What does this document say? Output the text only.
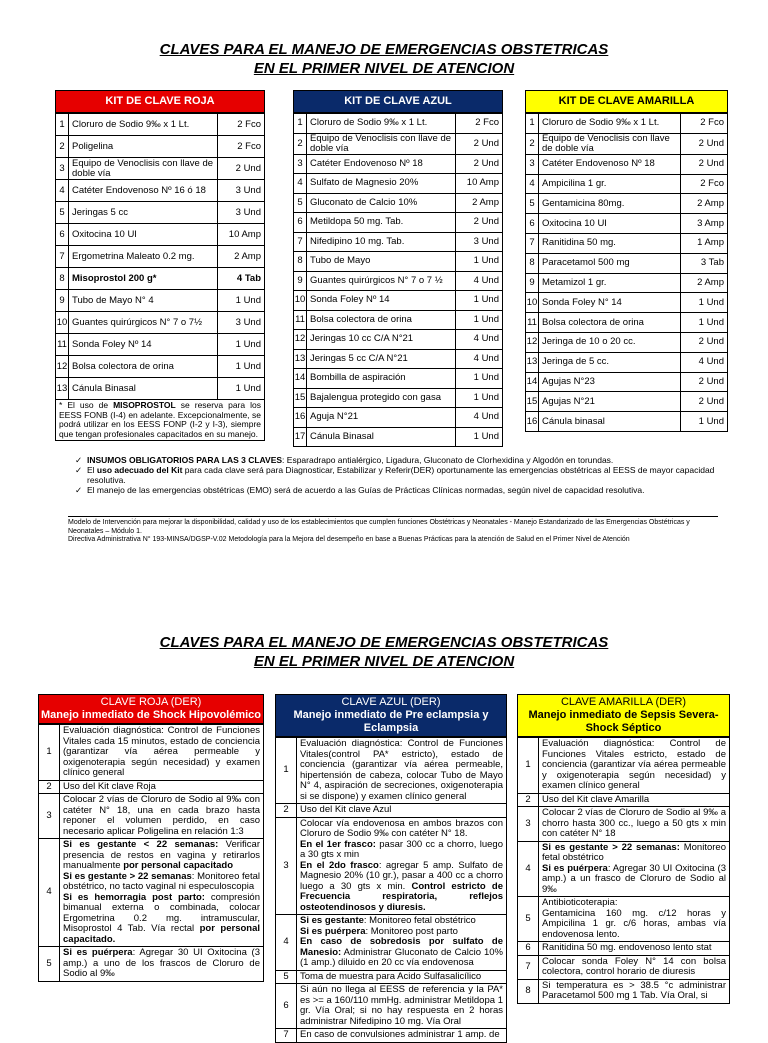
CLAVES PARA EL MANEJO DE EMERGENCIAS OBSTETRICAS
EN EL PRIMER NIVEL DE ATENCION
KIT DE CLAVE ROJA
1	Cloruro de Sodio 9‰ x 1 Lt.	2 Fco
2	Poligelina	2 Fco
3	Equipo de Venoclisis con llave de doble vía	2 Und
4	Catéter Endovenoso Nº 16 ó 18	3 Und
5	Jeringas 5 cc	3 Und
6	Oxitocina 10 UI	10 Amp
7	Ergometrina Maleato 0.2 mg.	2 Amp
8	Misoprostol 200 g*	4 Tab
9	Tubo de Mayo N° 4	1 Und
10	Guantes quirúrgicos N° 7 o 7½	3 Und
11	Sonda Foley Nº 14	1 Und
12	Bolsa colectora de orina	1 Und
13	Cánula Binasal	1 Und
* El uso de MISOPROSTOL se reserva para los EESS FONB (I-4) en adelante. Excepcionalmente, se podrá utilizar en los EESS FONP (I-2 y I-3), siempre que tengan profesionales capacitados en su manejo.
KIT DE CLAVE AZUL
1	Cloruro de Sodio 9‰ x 1 Lt.	2 Fco
2	Equipo de Venoclisis con llave de doble vía	2 Und
3	Catéter Endovenoso Nº 18	2 Und
4	Sulfato de Magnesio 20%	10 Amp
5	Gluconato de Calcio 10%	2 Amp
6	Metildopa 50 mg. Tab.	2 Und
7	Nifedipino 10 mg. Tab.	3 Und
8	Tubo de Mayo	1 Und
9	Guantes quirúrgicos N° 7 o 7 ½	4 Und
10	Sonda Foley Nº 14	1 Und
11	Bolsa colectora de orina	1 Und
12	Jeringas 10 cc C/A N°21	4 Und
13	Jeringas 5 cc C/A N°21	4 Und
14	Bombilla de aspiración	1 Und
15	Bajalengua protegido con gasa	1 Und
16	Aguja N°21	4 Und
17	Cánula Binasal	1 Und
KIT DE CLAVE AMARILLA
1	Cloruro de Sodio 9‰ x 1 Lt.	2 Fco
2	Equipo de Venoclisis con llave de doble vía	2 Und
3	Catéter Endovenoso Nº 18	2 Und
4	Ampicilina 1 gr.	2 Fco
5	Gentamicina 80mg.	2 Amp
6	Oxitocina 10 UI	3 Amp
7	Ranitidina 50 mg.	1 Amp
8	Paracetamol 500 mg	3 Tab
9	Metamizol 1 gr.	2 Amp
10	Sonda Foley N° 14	1 Und
11	Bolsa colectora de orina	1 Und
12	Jeringa de 10 o 20 cc.	2 Und
13	Jeringa de 5 cc.	4 Und
14	Agujas N°23	2 Und
15	Agujas N°21	2 Und
16	Cánula binasal	1 Und
✓ INSUMOS OBLIGATORIOS PARA LAS 3 CLAVES: Esparadrapo antialérgico, Ligadura, Gluconato de Clorhexidina y Algodón en torundas.
✓ El uso adecuado del Kit para cada clave será para Diagnosticar, Estabilizar y Referir(DER) oportunamente las emergencias obstétricas al EESS de mayor capacidad resolutiva.
✓ El manejo de las emergencias obstétricas (EMO) será de acuerdo a las Guías de Prácticas Clínicas normadas, según nivel de capacidad resolutiva.
Modelo de Intervención para mejorar la disponibilidad, calidad y uso de los establecimientos que cumplen funciones Obstétricas y Neonatales - Manejo Estandarizado de las Emergencias Obstétricas y Neonatales – Módulo 1.
Directiva Administrativa N° 193-MINSA/DGSP-V.02 Metodología para la Mejora del desempeño en base a Buenas Prácticas para la atención de Salud en el Primer Nivel de Atención
CLAVES PARA EL MANEJO DE EMERGENCIAS OBSTETRICAS
EN EL PRIMER NIVEL DE ATENCION
CLAVE ROJA (DER)
Manejo inmediato de Shock Hipovolémico
1	Evaluación diagnóstica: Control de Funciones Vitales cada 15 minutos, estado de conciencia (garantizar vía aérea permeable y oxigenoterapia según necesidad) y examen clínico general
2	Uso del Kit clave Roja
3	Colocar 2 vías de Cloruro de Sodio al 9‰ con catéter N° 18, una en cada brazo hasta reponer el volumen perdido, en caso necesario aplicar Poligelina en relación 1:3
4	Si es gestante < 22 semanas: Verificar presencia de restos en vagina y retirarlos manualmente por personal capacitado
Si es gestante > 22 semanas: Monitoreo fetal obstétrico, no tacto vaginal ni especuloscopia
Si es hemorragia post parto: compresión bimanual externa o combinada, colocar Ergometrina 0.2 mg. intramuscular, Misoprostol 4 Tab. Vía rectal por personal capacitado.
5	Si es puérpera: Agregar 30 UI Oxitocina (3 amp.) a uno de los frascos de Cloruro de Sodio al 9‰
CLAVE AZUL (DER)
Manejo inmediato de Pre eclampsia y Eclampsia
1	Evaluación diagnóstica: Control de Funciones Vitales(control PA* estricto), estado de conciencia (garantizar vía aérea permeable, hipertensión de cabeza, colocar Tubo de Mayo N° 4, aspiración de secreciones, oxigenoterapia si se dispone) y examen clínico general
2	Uso del Kit clave Azul
3	Colocar vía endovenosa en ambos brazos con Cloruro de Sodio 9‰ con catéter N° 18.
En el 1er frasco: pasar 300 cc a chorro, luego a 30 gts x min
En el 2do frasco: agregar 5 amp. Sulfato de Magnesio 20% (10 gr.), pasar a 400 cc a chorro luego a 30 gts x min. Control estricto de Frecuencia respiratoria, reflejos osteotendinosos y diuresis.
4	Si es gestante: Monitoreo fetal obstétrico
Si es puérpera: Monitoreo post parto
En caso de sobredosis por sulfato de Manesio: Administrar Gluconato de Calcio 10% (1 amp.) diluido en 20 cc vía endovenosa
5	Toma de muestra para Acido Sulfasalicílico
6	Si aún no llega al EESS de referencia y la PA* es >= a 160/110 mmHg. administrar Metildopa 1 gr. Vía Oral; si no hay respuesta en 2 horas administrar Nifedipino 10 mg. Vía Oral
7	En caso de convulsiones administrar 1 amp. de
CLAVE AMARILLA (DER)
Manejo inmediato de Sepsis Severa-Shock Séptico
1	Evaluación diagnóstica: Control de Funciones Vitales estricto, estado de conciencia (garantizar vía aérea permeable y oxigenoterapia según necesidad) y examen clínico general
2	Uso del Kit clave Amarilla
3	Colocar 2 vías de Cloruro de Sodio al 9‰ a chorro hasta 300 cc., luego a 50 gts x min con catéter N° 18
4	Si es gestante > 22 semanas: Monitoreo fetal obstétrico
Si es puérpera: Agregar 30 UI Oxitocina (3 amp.) a un frasco de Cloruro de Sodio al 9‰
5	Antibioticoterapia:
Gentamicina 160 mg. c/12 horas y Ampicilina 1 gr. c/6 horas, ambas vía endovenosa lento.
6	Ranitidina 50 mg. endovenoso lento stat
7	Colocar sonda Foley N° 14 con bolsa colectora, control horario de diuresis
8	Si temperatura es > 38.5 °c administrar Paracetamol 500 mg 1 Tab. Vía Oral, si
